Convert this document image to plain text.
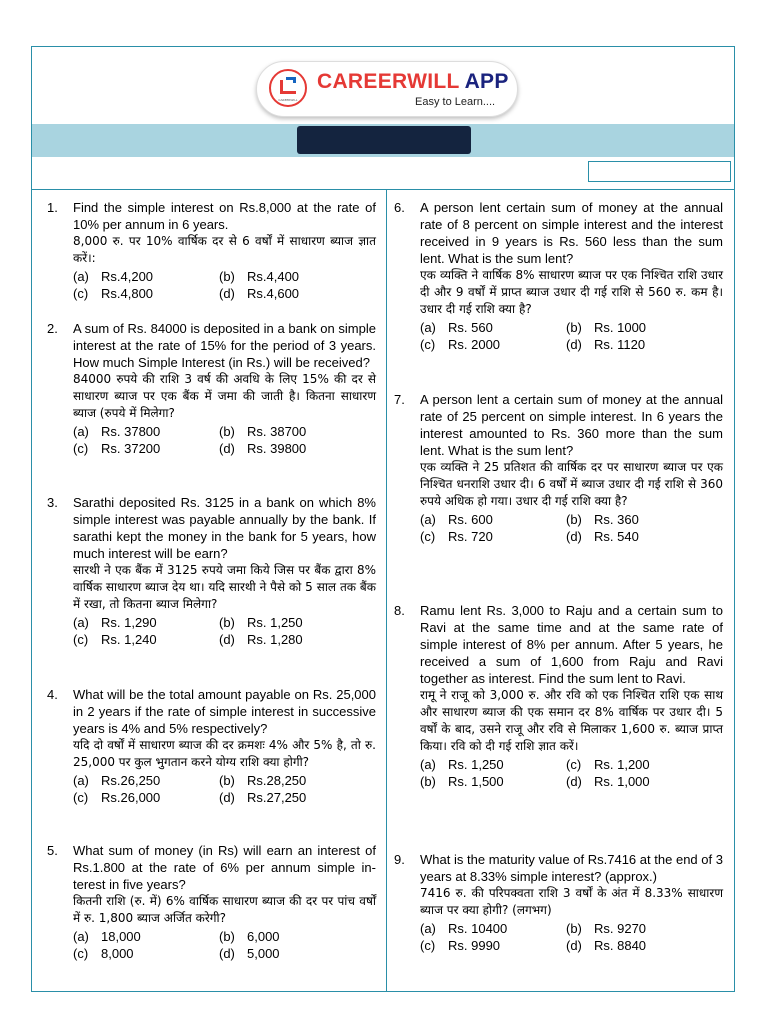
CAREERWILL
CAREERWILL APP
Easy to Learn....
1. Find the simple interest on Rs.8,000 at the rate of 10% per annum in 6 years.
8,000 रु. पर 10% वार्षिक दर से 6 वर्षों में साधारण ब्याज ज्ञात करें।:
(a) Rs.4,200	(b) Rs.4,400
(c) Rs.4,800	(d) Rs.4,600
2. A sum of Rs. 84000 is deposited in a bank on simple interest at the rate of 15% for the period of 3 years. How much Simple Interest (in Rs.) will be received?
84000 रुपये की राशि 3 वर्ष की अवधि के लिए 15% की दर से साधारण ब्याज पर एक बैंक में जमा की जाती है। कितना साधारण ब्याज (रुपये में मिलेगा?
(a) Rs. 37800	(b) Rs. 38700
(c) Rs. 37200	(d) Rs. 39800
3. Sarathi deposited Rs. 3125 in a bank on which 8% simple interest was payable annually by the bank. If sarathi kept the money in the bank for 5 years, how much interest will be earn?
सारथी ने एक बैंक में 3125 रुपये जमा किये जिस पर बैंक द्वारा 8% वार्षिक साधारण ब्याज देय था। यदि सारथी ने पैसे को 5 साल तक बैंक में रखा, तो कितना ब्याज मिलेगा?
(a) Rs. 1,290	(b) Rs. 1,250
(c) Rs. 1,240	(d) Rs. 1,280
4. What will be the total amount payable on Rs. 25,000 in 2 years if the rate of simple interest in successive years is 4% and 5% respectively?
यदि दो वर्षों में साधारण ब्याज की दर क्रमशः 4% और 5% है, तो रु. 25,000 पर कुल भुगतान करने योग्य राशि क्या होगी?
(a) Rs.26,250	(b) Rs.28,250
(c) Rs.26,000	(d) Rs.27,250
5. What sum of money (in Rs) will earn an interest of Rs.1.800 at the rate of 6% per annum simple in-terest in five years?
कितनी राशि (रु. में) 6% वार्षिक साधारण ब्याज की दर पर पांच वर्षों में रु. 1,800 ब्याज अर्जित करेगी?
(a) 18,000	(b) 6,000
(c) 8,000	(d) 5,000
6. A person lent certain sum of money at the annual rate of 8 percent on simple interest and the interest received in 9 years is Rs. 560 less than the sum lent. What is the sum lent?
एक व्यक्ति ने वार्षिक 8% साधारण ब्याज पर एक निश्चित राशि उधार दी और 9 वर्षों में प्राप्त ब्याज उधार दी गई राशि से 560 रु. कम है। उधार दी गई राशि क्या है?
(a) Rs. 560	(b) Rs. 1000
(c) Rs. 2000	(d) Rs. 1120
7. A person lent a certain sum of money at the annual rate of 25 percent on simple interest. In 6 years the interest amounted to Rs. 360 more than the sum lent. What is the sum lent?
एक व्यक्ति ने 25 प्रतिशत की वार्षिक दर पर साधारण ब्याज पर एक निश्चित धनराशि उधार दी। 6 वर्षों में ब्याज उधार दी गई राशि से 360 रुपये अधिक हो गया। उधार दी गई राशि क्या है?
(a) Rs. 600	(b) Rs. 360
(c) Rs. 720	(d) Rs. 540
8. Ramu lent Rs. 3,000 to Raju and a certain sum to Ravi at the same time and at the same rate of simple interest of 8% per annum. After 5 years, he received a sum of 1,600 from Raju and Ravi together as interest. Find the sum lent to Ravi.
रामू ने राजू को 3,000 रु. और रवि को एक निश्चित राशि एक साथ और साधारण ब्याज की एक समान दर 8% वार्षिक पर उधार दी। 5 वर्षों के बाद, उसने राजू और रवि से मिलाकर 1,600 रु. ब्याज प्राप्त किया। रवि को दी गई राशि ज्ञात करें।
(a) Rs. 1,250	(c) Rs. 1,200
(b) Rs. 1,500	(d) Rs. 1,000
9. What is the maturity value of Rs.7416 at the end of 3 years at 8.33% simple interest? (approx.)
7416 रु. की परिपक्वता राशि 3 वर्षों के अंत में 8.33% साधारण ब्याज पर क्या होगी? (लगभग)
(a) Rs. 10400	(b) Rs. 9270
(c) Rs. 9990	(d) Rs. 8840
